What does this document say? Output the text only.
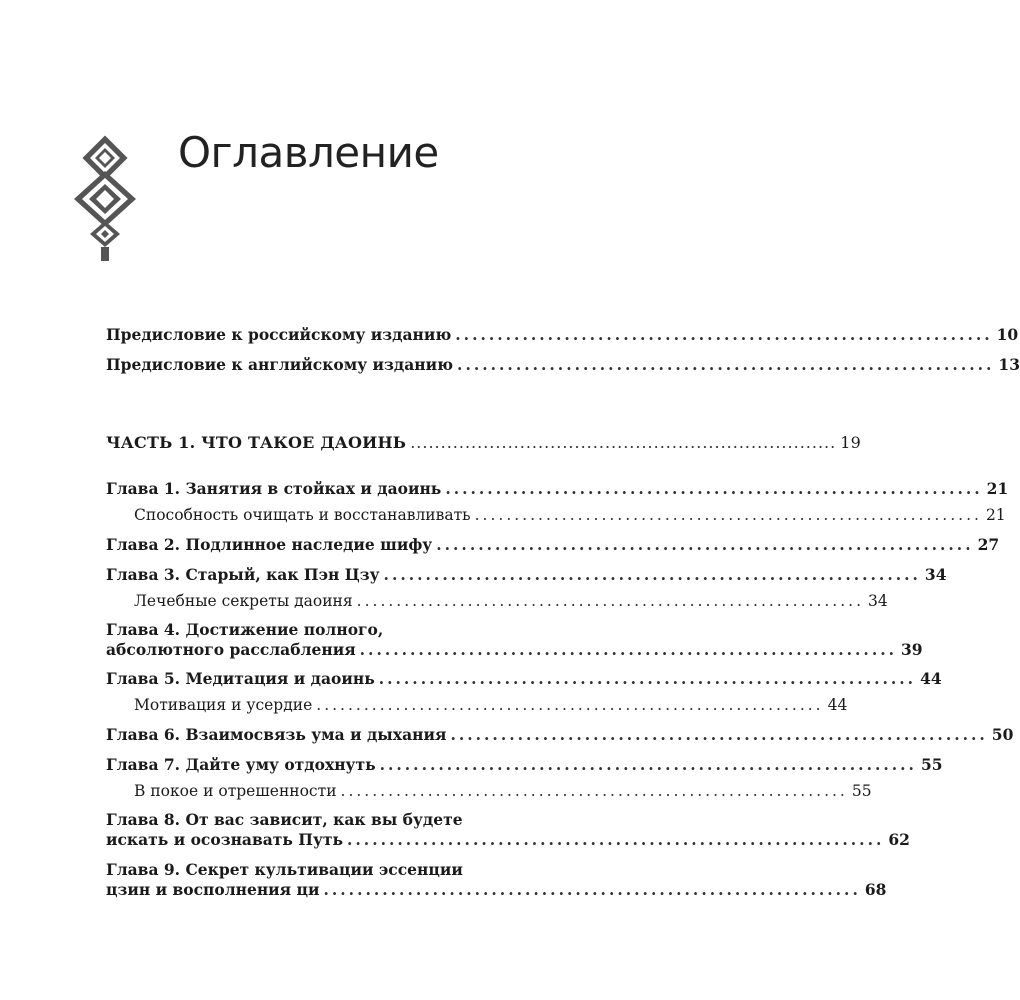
Оглавление
Предисловие к российскому изданию ................................................................ 10
Предисловие к английскому изданию ................................................................ 13
ЧАСТЬ 1. ЧТО ТАКОЕ ДАОИНЬ ...................................................................... 19
Глава 1. Занятия в стойках и даоинь ................................................................ 21
Способность очищать и восстанавливать ................................................................ 21
Глава 2. Подлинное наследие шифу ................................................................ 27
Глава 3. Старый, как Пэн Цзу ................................................................ 34
Лечебные секреты даоиня ................................................................ 34
Глава 4. Достижение полного,
абсолютного расслабления ................................................................ 39
Глава 5. Медитация и даоинь ................................................................ 44
Мотивация и усердие ................................................................ 44
Глава 6. Взаимосвязь ума и дыхания ................................................................ 50
Глава 7. Дайте уму отдохнуть ................................................................ 55
В покое и отрешенности ................................................................ 55
Глава 8. От вас зависит, как вы будете
искать и осознавать Путь ................................................................ 62
Глава 9. Секрет культивации эссенции
цзин и восполнения ци ................................................................ 68
